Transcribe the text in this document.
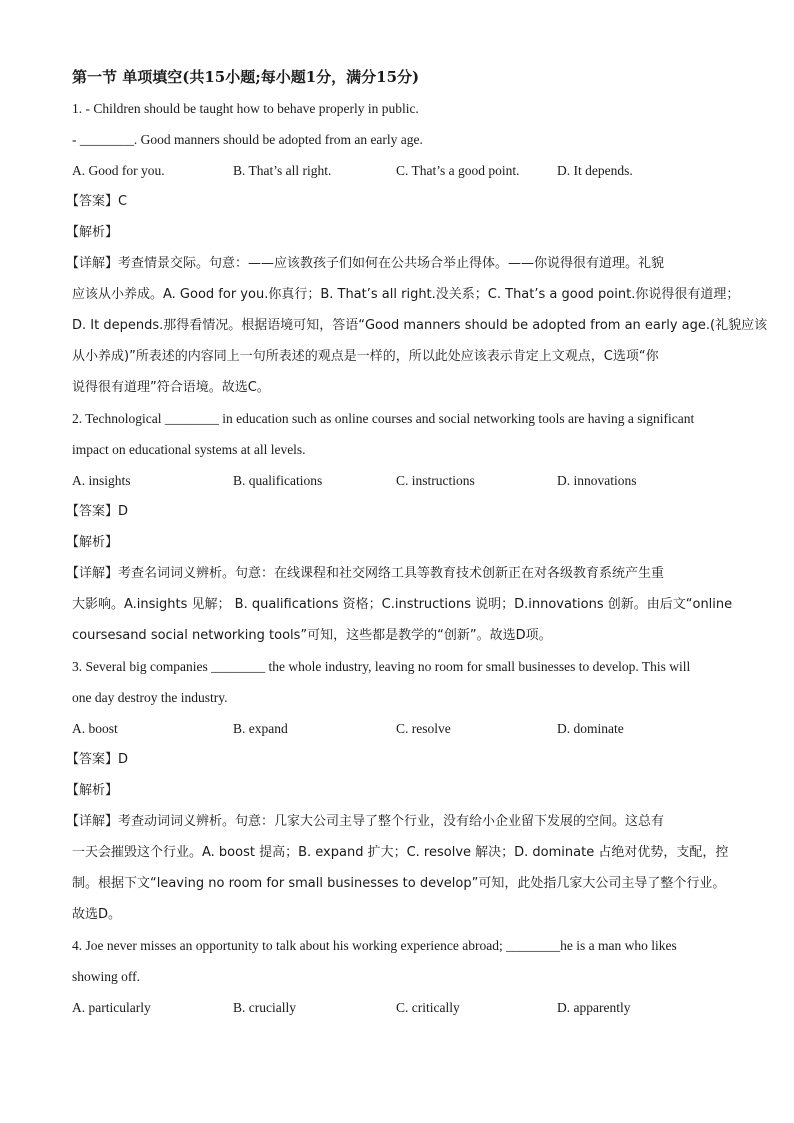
第一节 单项填空(共15小题;每小题1分，满分15分)
1. - Children should be taught how to behave properly in public.
- ________. Good manners should be adopted from an early age.
A. Good for you.	B. That’s all right.	C. That’s a good point.	D. It depends.
【答案】C
【解析】
【详解】考查情景交际。句意：——应该教孩子们如何在公共场合举止得体。——你说得很有道理。礼貌
应该从小养成。A. Good for you.你真行；B. That’s all right.没关系；C. That’s a good point.你说得很有道理；
D. It depends.那得看情况。根据语境可知，答语“Good manners should be adopted from an early age.(礼貌应该
从小养成)”所表述的内容同上一句所表述的观点是一样的，所以此处应该表示肯定上文观点，C选项“你
说得很有道理”符合语境。故选C。
2. Technological ________ in education such as online courses and social networking tools are having a significant
impact on educational systems at all levels.
A. insights	B. qualifications	C. instructions	D. innovations
【答案】D
【解析】
【详解】考查名词词义辨析。句意：在线课程和社交网络工具等教育技术创新正在对各级教育系统产生重
大影响。A.insights 见解； B. qualifications 资格；C.instructions 说明；D.innovations 创新。由后文“online
coursesand social networking tools”可知，这些都是教学的“创新”。故选D项。
3. Several big companies ________ the whole industry, leaving no room for small businesses to develop. This will
one day destroy the industry.
A. boost	B. expand	C. resolve	D. dominate
【答案】D
【解析】
【详解】考查动词词义辨析。句意：几家大公司主导了整个行业，没有给小企业留下发展的空间。这总有
一天会摧毁这个行业。A. boost 提高；B. expand 扩大；C. resolve 解决；D. dominate 占绝对优势，支配，控
制。根据下文“leaving no room for small businesses to develop”可知，此处指几家大公司主导了整个行业。
故选D。
4. Joe never misses an opportunity to talk about his working experience abroad; ________he is a man who likes
showing off.
A. particularly	B. crucially	C. critically	D. apparently
